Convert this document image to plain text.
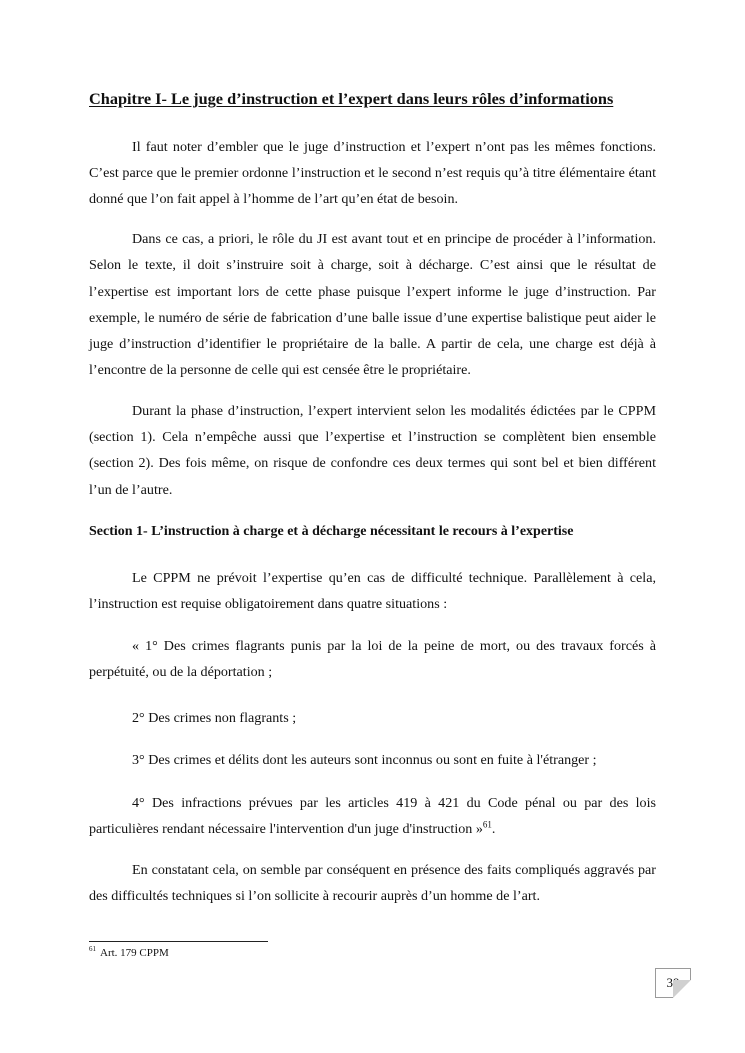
Chapitre I- Le juge d’instruction et l’expert dans leurs rôles d’informations

Il faut noter d’embler que le juge d’instruction et l’expert n’ont pas les mêmes fonctions. C’est parce que le premier ordonne l’instruction et le second n’est requis qu’à titre élémentaire étant donné que l’on fait appel à l’homme de l’art qu’en état de besoin.

Dans ce cas, a priori, le rôle du JI est avant tout et en principe de procéder à l’information. Selon le texte, il doit s’instruire soit à charge, soit à décharge. C’est ainsi que le résultat de l’expertise est important lors de cette phase puisque l’expert informe le juge d’instruction. Par exemple, le numéro de série de fabrication d’une balle issue d’une expertise balistique peut aider le juge d’instruction d’identifier le propriétaire de la balle. A partir de cela, une charge est déjà à l’encontre de la personne de celle qui est censée être le propriétaire.

Durant la phase d’instruction, l’expert intervient selon les modalités édictées par le CPPM (section 1). Cela n’empêche aussi que l’expertise et l’instruction se complètent bien ensemble (section 2). Des fois même, on risque de confondre ces deux termes qui sont bel et bien différent l’un de l’autre.

Section 1- L’instruction à charge et à décharge nécessitant le recours à l’expertise

Le CPPM ne prévoit l’expertise qu’en cas de difficulté technique. Parallèlement à cela, l’instruction est requise obligatoirement dans quatre situations :

« 1° Des crimes flagrants punis par la loi de la peine de mort, ou des travaux forcés à perpétuité, ou de la déportation ;

2° Des crimes non flagrants ;

3° Des crimes et délits dont les auteurs sont inconnus ou sont en fuite à l'étranger ;

4° Des infractions prévues par les articles 419 à 421 du Code pénal ou par des lois particulières rendant nécessaire l'intervention d'un juge d'instruction »$^{61}$.

En constatant cela, on semble par conséquent en présence des faits compliqués aggravés par des difficultés techniques si l’on sollicite à recourir auprès d’un homme de l’art.

$^{61}$ Art. 179 CPPM

39
